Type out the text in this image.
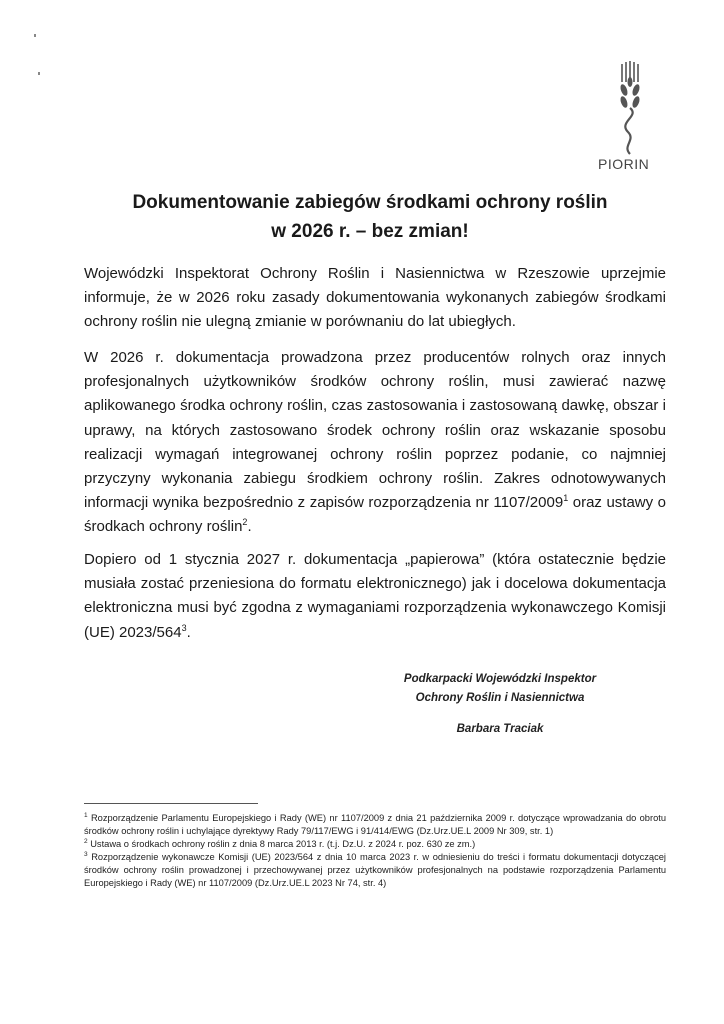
PIORIN
Dokumentowanie zabiegów środkami ochrony roślin
w 2026 r. – bez zmian!

Wojewódzki Inspektorat Ochrony Roślin i Nasiennictwa w Rzeszowie uprzejmie informuje, że w 2026 roku zasady dokumentowania wykonanych zabiegów środkami ochrony roślin nie ulegną zmianie w porównaniu do lat ubiegłych.

W 2026 r. dokumentacja prowadzona przez producentów rolnych oraz innych profesjonalnych użytkowników środków ochrony roślin, musi zawierać nazwę aplikowanego środka ochrony roślin, czas zastosowania i zastosowaną dawkę, obszar i uprawy, na których zastosowano środek ochrony roślin oraz wskazanie sposobu realizacji wymagań integrowanej ochrony roślin poprzez podanie, co najmniej przyczyny wykonania zabiegu środkiem ochrony roślin. Zakres odnotowywanych informacji wynika bezpośrednio z zapisów rozporządzenia nr 1107/2009$^1$ oraz ustawy o środkach ochrony roślin$^2$.

Dopiero od 1 stycznia 2027 r. dokumentacja „papierowa” (która ostatecznie będzie musiała zostać przeniesiona do formatu elektronicznego) jak i docelowa dokumentacja elektroniczna musi być zgodna z wymaganiami rozporządzenia wykonawczego Komisji (UE) $2023/564^3$.

Podkarpacki Wojewódzki Inspektor
Ochrony Roślin i Nasiennictwa
Barbara Traciak

$^1$ Rozporządzenie Parlamentu Europejskiego i Rady (WE) nr 1107/2009 z dnia 21 października 2009 r. dotyczące wprowadzania do obrotu środków ochrony roślin i uchylające dyrektywy Rady 79/117/EWG i 91/414/EWG (Dz.Urz.UE.L 2009 Nr 309, str. 1)

$^2$ Ustawa o środkach ochrony roślin z dnia 8 marca 2013 r. (t.j. Dz.U. z 2024 r. poz. 630 ze zm.)

$^3$ Rozporządzenie wykonawcze Komisji (UE) 2023/564 z dnia 10 marca 2023 r. w odniesieniu do treści i formatu dokumentacji dotyczącej środków ochrony roślin prowadzonej i przechowywanej przez użytkowników profesjonalnych na podstawie rozporządzenia Parlamentu Europejskiego i Rady (WE) nr 1107/2009 (Dz.Urz.UE.L 2023 Nr 74, str. 4)
